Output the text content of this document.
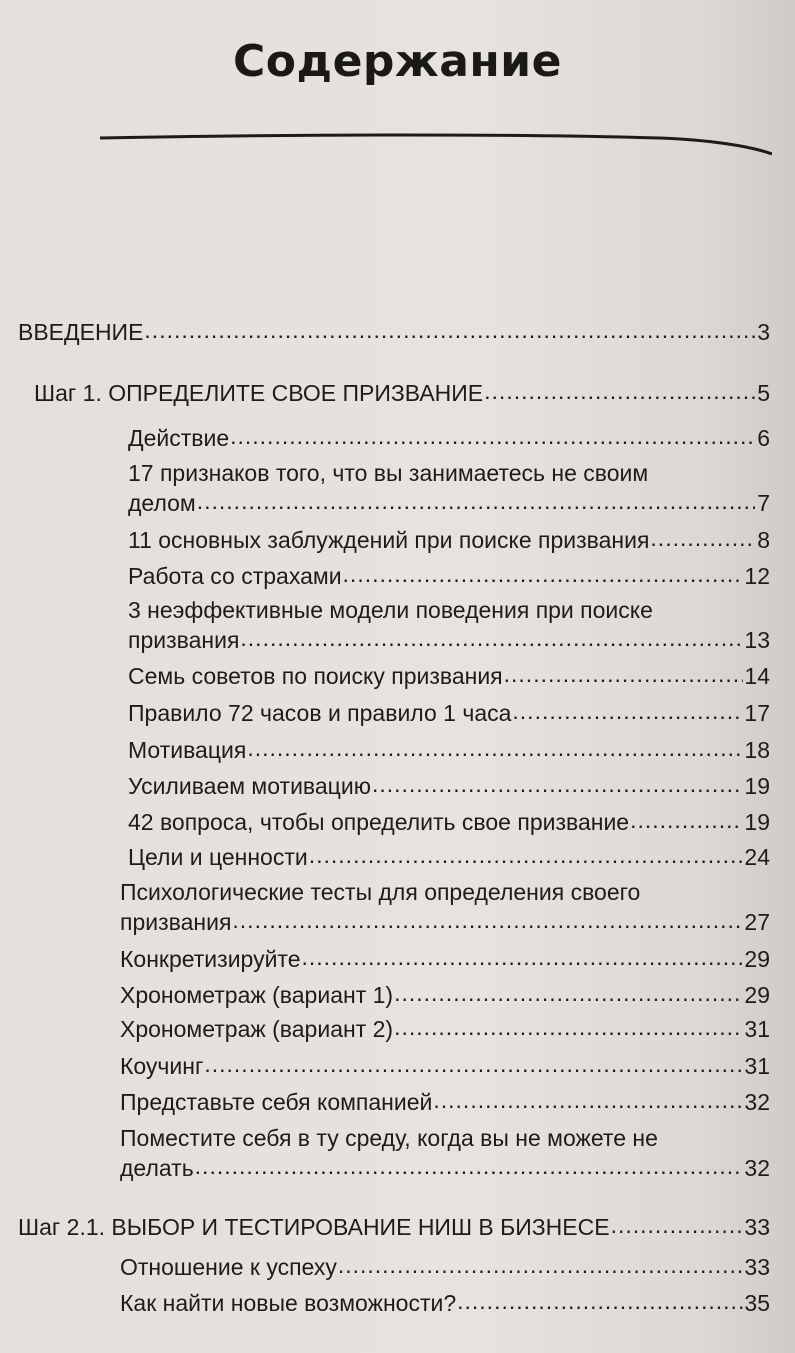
Содержание
ВВЕДЕНИЕ .....	3
Шаг 1. ОПРЕДЕЛИТЕ СВОЕ ПРИЗВАНИЕ .....	5
Действие .....	6
17 признаков того, что вы занимаетесь не своим
делом .....	7
11 основных заблуждений при поиске призвания .....	8
Работа со страхами .....	12
3 неэффективные модели поведения при поиске
призвания .....	13
Семь советов по поиску призвания .....	14
Правило 72 часов и правило 1 часа .....	17
Мотивация .....	18
Усиливаем мотивацию .....	19
42 вопроса, чтобы определить свое призвание .....	19
Цели и ценности .....	24
Психологические тесты для определения своего
призвания .....	27
Конкретизируйте .....	29
Хронометраж (вариант 1) .....	29
Хронометраж (вариант 2) .....	31
Коучинг .....	31
Представьте себя компанией .....	32
Поместите себя в ту среду, когда вы не можете не
делать .....	32
Шаг 2.1. ВЫБОР И ТЕСТИРОВАНИЕ НИШ В БИЗНЕСЕ .....	33
Отношение к успеху .....	33
Как найти новые возможности? .....	35
